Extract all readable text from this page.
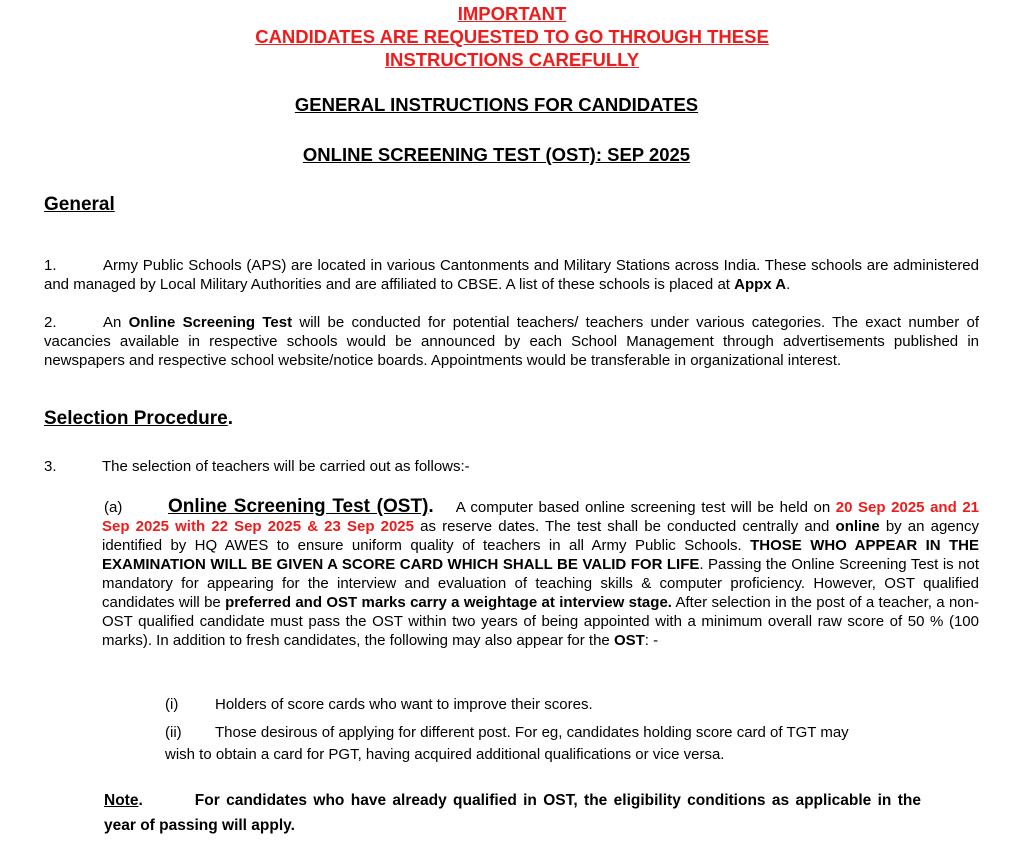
IMPORTANT
CANDIDATES ARE REQUESTED TO GO THROUGH THESE
INSTRUCTIONS CAREFULLY
GENERAL INSTRUCTIONS FOR CANDIDATES
ONLINE SCREENING TEST (OST): SEP 2025
General
1.	Army Public Schools (APS) are located in various Cantonments and Military Stations across India. These schools are administered and managed by Local Military Authorities and are affiliated to CBSE. A list of these schools is placed at Appx A.
2.	An Online Screening Test will be conducted for potential teachers/ teachers under various categories. The exact number of vacancies available in respective schools would be announced by each School Management through advertisements published in newspapers and respective school website/notice boards. Appointments would be transferable in organizational interest.
Selection Procedure.
3.	The selection of teachers will be carried out as follows:-
(a) Online Screening Test (OST). A computer based online screening test will be held on 20 Sep 2025 and 21 Sep 2025 with 22 Sep 2025 & 23 Sep 2025 as reserve dates. The test shall be conducted centrally and online by an agency identified by HQ AWES to ensure uniform quality of teachers in all Army Public Schools. THOSE WHO APPEAR IN THE EXAMINATION WILL BE GIVEN A SCORE CARD WHICH SHALL BE VALID FOR LIFE. Passing the Online Screening Test is not mandatory for appearing for the interview and evaluation of teaching skills & computer proficiency. However, OST qualified candidates will be preferred and OST marks carry a weightage at interview stage. After selection in the post of a teacher, a non-OST qualified candidate must pass the OST within two years of being appointed with a minimum overall raw score of 50 % (100 marks). In addition to fresh candidates, the following may also appear for the OST: -
(i) Holders of score cards who want to improve their scores.
(ii) Those desirous of applying for different post. For eg, candidates holding score card of TGT may
wish to obtain a card for PGT, having acquired additional qualifications or vice versa.
Note.	For candidates who have already qualified in OST, the eligibility conditions as applicable in the year of passing will apply.
